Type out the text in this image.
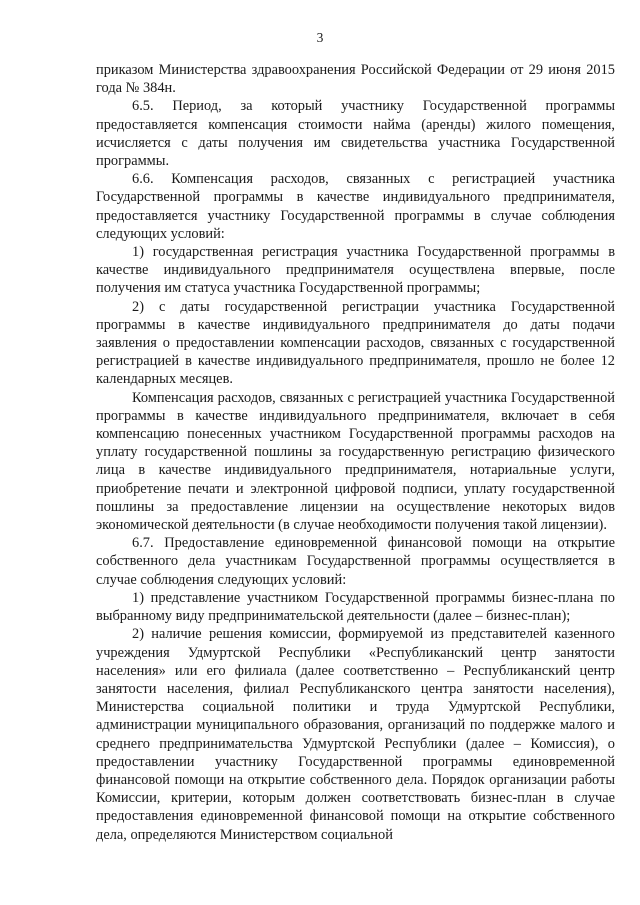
3

приказом Министерства здравоохранения Российской Федерации от 29 июня 2015 года № 384н.

6.5. Период, за который участнику Государственной программы предоставляется компенсация стоимости найма (аренды) жилого помещения, исчисляется с даты получения им свидетельства участника Государственной программы.

6.6. Компенсация расходов, связанных с регистрацией участника Государственной программы в качестве индивидуального предпринимателя, предоставляется участнику Государственной программы в случае соблюдения следующих условий:

1) государственная регистрация участника Государственной программы в качестве индивидуального предпринимателя осуществлена впервые, после получения им статуса участника Государственной программы;

2) с даты государственной регистрации участника Государственной программы в качестве индивидуального предпринимателя до даты подачи заявления о предоставлении компенсации расходов, связанных с государственной регистрацией в качестве индивидуального предпринимателя, прошло не более 12 календарных месяцев.

Компенсация расходов, связанных с регистрацией участника Государственной программы в качестве индивидуального предпринимателя, включает в себя компенсацию понесенных участником Государственной программы расходов на уплату государственной пошлины за государственную регистрацию физического лица в качестве индивидуального предпринимателя, нотариальные услуги, приобретение печати и электронной цифровой подписи, уплату государственной пошлины за предоставление лицензии на осуществление некоторых видов экономической деятельности (в случае необходимости получения такой лицензии).

6.7. Предоставление единовременной финансовой помощи на открытие собственного дела участникам Государственной программы осуществляется в случае соблюдения следующих условий:

1) представление участником Государственной программы бизнес-плана по выбранному виду предпринимательской деятельности (далее – бизнес-план);

2) наличие решения комиссии, формируемой из представителей казенного учреждения Удмуртской Республики «Республиканский центр занятости населения» или его филиала (далее соответственно – Республиканский центр занятости населения, филиал Республиканского центра занятости населения), Министерства социальной политики и труда Удмуртской Республики, администрации муниципального образования, организаций по поддержке малого и среднего предпринимательства Удмуртской Республики (далее – Комиссия), о предоставлении участнику Государственной программы единовременной финансовой помощи на открытие собственного дела. Порядок организации работы Комиссии, критерии, которым должен соответствовать бизнес-план в случае предоставления единовременной финансовой помощи на открытие собственного дела, определяются Министерством социальной
